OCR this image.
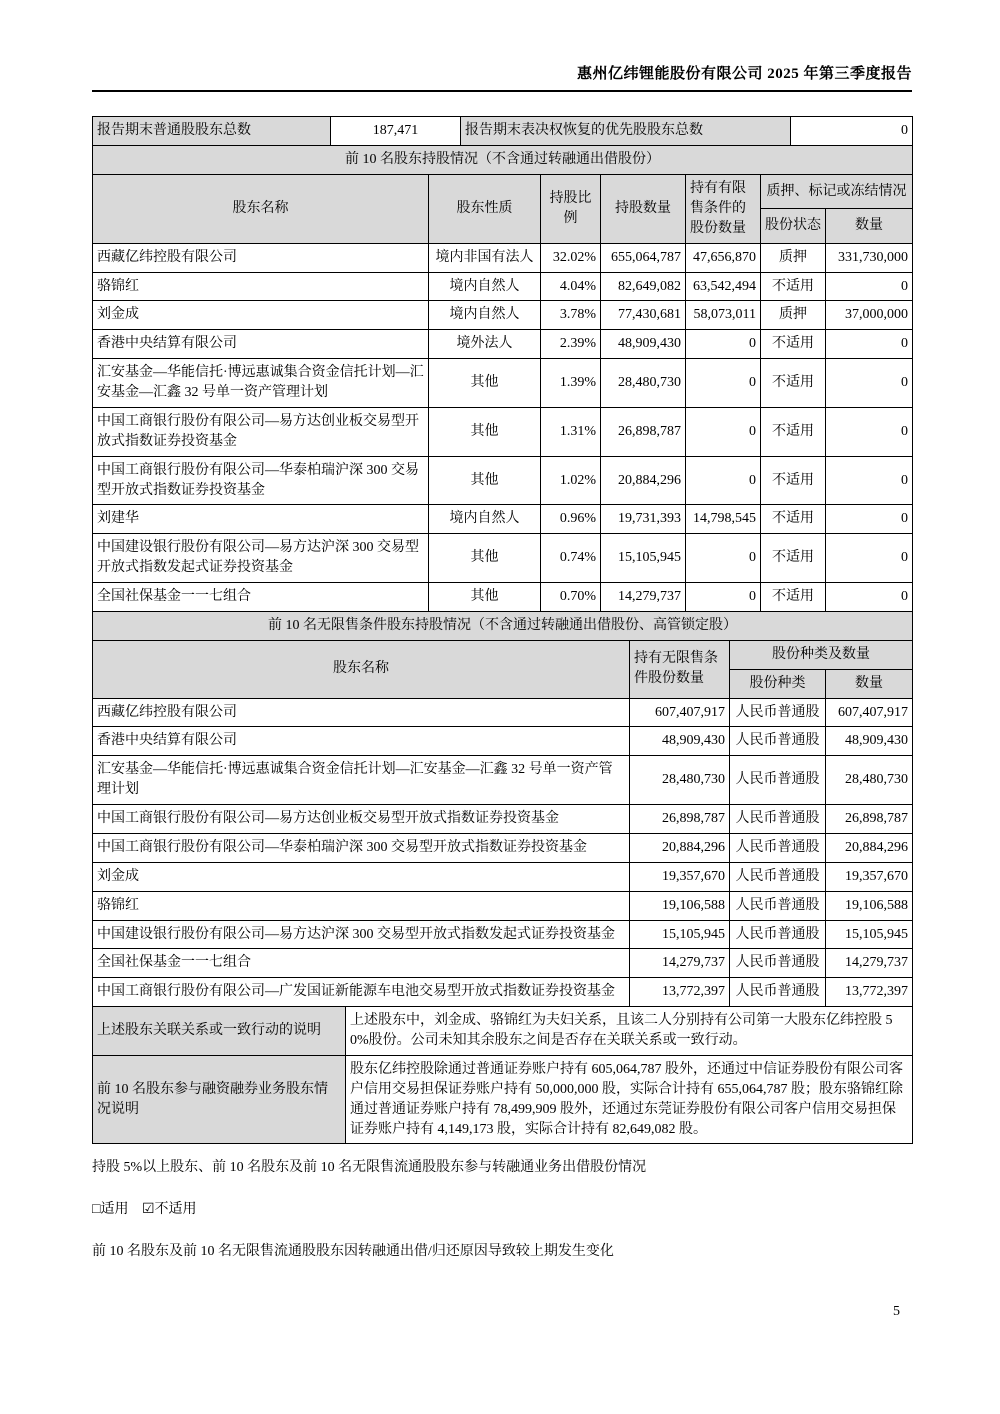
惠州亿纬锂能股份有限公司 2025 年第三季度报告
报告期末普通股股东总数	187,471	报告期末表决权恢复的优先股股东总数	0
前 10 名股东持股情况（不含通过转融通出借股份）						
股东名称	股东性质	持股比例	持股数量	持有有限售条件的股份数量	质押、标记或冻结情况	
					股份状态	数量
西藏亿纬控股有限公司	境内非国有法人	32.02%	655,064,787	47,656,870	质押	331,730,000
骆锦红	境内自然人	4.04%	82,649,082	63,542,494	不适用	0
刘金成	境内自然人	3.78%	77,430,681	58,073,011	质押	37,000,000
香港中央结算有限公司	境外法人	2.39%	48,909,430	0	不适用	0
汇安基金—华能信托·博远惠诚集合资金信托计划—汇安基金—汇鑫 32 号单一资产管理计划	其他	1.39%	28,480,730	0	不适用	0
中国工商银行股份有限公司—易方达创业板交易型开放式指数证券投资基金	其他	1.31%	26,898,787	0	不适用	0
中国工商银行股份有限公司—华泰柏瑞沪深 300 交易型开放式指数证券投资基金	其他	1.02%	20,884,296	0	不适用	0
刘建华	境内自然人	0.96%	19,731,393	14,798,545	不适用	0
中国建设银行股份有限公司—易方达沪深 300 交易型开放式指数发起式证券投资基金	其他	0.74%	15,105,945	0	不适用	0
全国社保基金一一七组合	其他	0.70%	14,279,737	0	不适用	0
前 10 名无限售条件股东持股情况（不含通过转融通出借股份、高管锁定股）			
股东名称	持有无限售条件股份数量	股份种类及数量	
		股份种类	数量
西藏亿纬控股有限公司	607,407,917	人民币普通股	607,407,917
香港中央结算有限公司	48,909,430	人民币普通股	48,909,430
汇安基金—华能信托·博远惠诚集合资金信托计划—汇安基金—汇鑫 32 号单一资产管理计划	28,480,730	人民币普通股	28,480,730
中国工商银行股份有限公司—易方达创业板交易型开放式指数证券投资基金	26,898,787	人民币普通股	26,898,787
中国工商银行股份有限公司—华泰柏瑞沪深 300 交易型开放式指数证券投资基金	20,884,296	人民币普通股	20,884,296
刘金成	19,357,670	人民币普通股	19,357,670
骆锦红	19,106,588	人民币普通股	19,106,588
中国建设银行股份有限公司—易方达沪深 300 交易型开放式指数发起式证券投资基金	15,105,945	人民币普通股	15,105,945
全国社保基金一一七组合	14,279,737	人民币普通股	14,279,737
中国工商银行股份有限公司—广发国证新能源车电池交易型开放式指数证券投资基金	13,772,397	人民币普通股	13,772,397
上述股东关联关系或一致行动的说明	上述股东中，刘金成、骆锦红为夫妇关系，且该二人分别持有公司第一大股东亿纬控股 50%股份。公司未知其余股东之间是否存在关联关系或一致行动。
前 10 名股东参与融资融券业务股东情况说明	股东亿纬控股除通过普通证券账户持有 605,064,787 股外，还通过中信证券股份有限公司客户信用交易担保证券账户持有 50,000,000 股，实际合计持有 655,064,787 股；股东骆锦红除通过普通证券账户持有 78,499,909 股外，还通过东莞证券股份有限公司客户信用交易担保证券账户持有 4,149,173 股，实际合计持有 82,649,082 股。

持股 5%以上股东、前 10 名股东及前 10 名无限售流通股股东参与转融通业务出借股份情况

□适用 ☑不适用

前 10 名股东及前 10 名无限售流通股股东因转融通出借/归还原因导致较上期发生变化

5
